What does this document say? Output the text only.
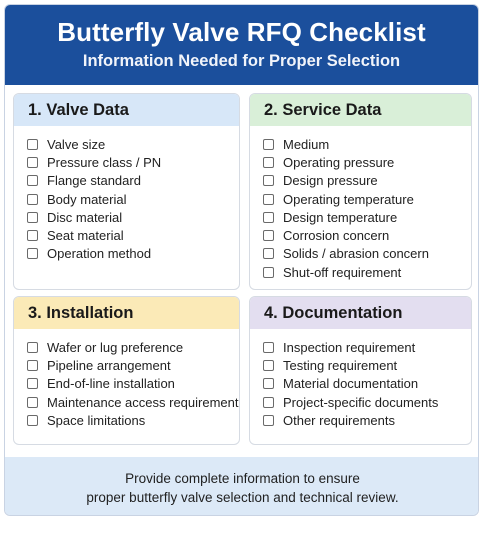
Butterfly Valve RFQ Checklist
Information Needed for Proper Selection
1. Valve Data
Valve size
Pressure class / PN
Flange standard
Body material
Disc material
Seat material
Operation method
2. Service Data
Medium
Operating pressure
Design pressure
Operating temperature
Design temperature
Corrosion concern
Solids / abrasion concern
Shut-off requirement
3. Installation
Wafer or lug preference
Pipeline arrangement
End-of-line installation
Maintenance access requirement
Space limitations
4. Documentation
Inspection requirement
Testing requirement
Material documentation
Project-specific documents
Other requirements
Provide complete information to ensure
proper butterfly valve selection and technical review.
